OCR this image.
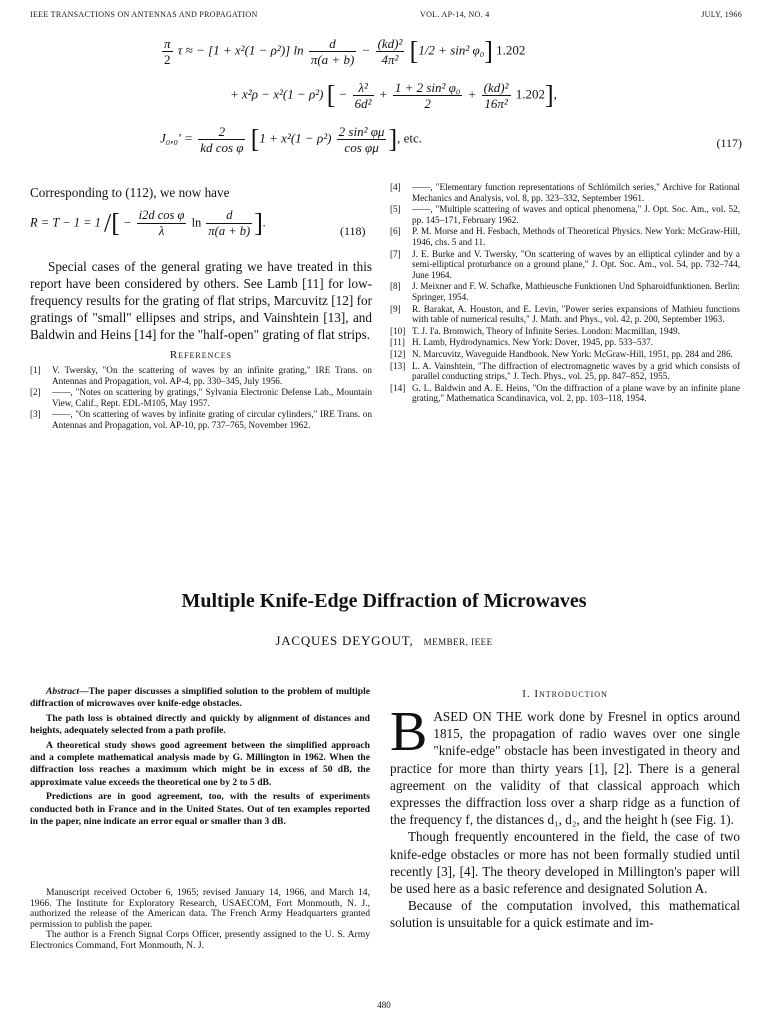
IEEE TRANSACTIONS ON ANTENNAS AND PROPAGATION	VOL. AP-14, NO. 4	JULY, 1966
$\frac{\pi}{2}$ τ ≈ − [1 + x²(1 − ρ²)] $\ln \frac{d}{\pi(a + b)} - \frac{\text{(kd)²}}{\text{4π²}} [1/2 + \sin^2$ φ₀] 1.202
+ x²ρ − x²(1 − ρ²) [ − $\frac{\text{λ²}}{\text{6d²}} + \frac{\text{1 + 2 sin² φ₀}}{2} + \frac{\text{(kd)²}}{\text{16π²}} 1.202$],
$J_0,_0' = \frac{2}{\text{kd cos φ}} [1 + x^2(1 - \rho^2) \frac{\text{2 sin² φμ}}{\text{cos φμ}}$ ], etc.	(117)

Corresponding to (112), we now have

R = T − 1 = 1 /[ − $\frac{\text{i2d cos φ}}{\lambda}$ $\ln \frac{d}{\pi(a + b)}$ ].
(118)

Special cases of the general grating we have treated in this report have been considered by others. See Lamb [11] for low-frequency results for the grating of flat strips, Marcuvitz [12] for gratings of "small" ellipses and strips, and Vainshtein [13], and Baldwin and Heins [14] for the "half-open" grating of flat strips.

References
[1]	V. Twersky, "On the scattering of waves by an infinite grating," IRE Trans. on Antennas and Propagation, vol. AP-4, pp. 330–345, July 1956.
[2]	——, "Notes on scattering by gratings," Sylvania Electronic Defense Lab., Mountain View, Calif., Rept. EDL-M105, May 1957.
[3]	——, "On scattering of waves by infinite grating of circular cylinders," IRE Trans. on Antennas and Propagation, vol. AP-10, pp. 737–765, November 1962.
[4]	——, "Elementary function representations of Schlömilch series," Archive for Rational Mechanics and Analysis, vol. 8, pp. 323–332, September 1961.
[5]	——, "Multiple scattering of waves and optical phenomena," J. Opt. Soc. Am., vol. 52, pp. 145–171, February 1962.
[6]	P. M. Morse and H. Fesbach, Methods of Theoretical Physics. New York: McGraw-Hill, 1946, chs. 5 and 11.
[7]	J. E. Burke and V. Twersky, "On scattering of waves by an elliptical cylinder and by a semi-elliptical proturbance on a ground plane," J. Opt. Soc. Am., vol. 54, pp. 732–744, June 1964.
[8]	J. Meixner and F. W. Schafke, Mathieusche Funktionen Und Spharoidfunktionen. Berlin: Springer, 1954.
[9]	R. Barakat, A. Houston, and E. Levin, "Power series expansions of Mathieu functions with table of numerical results," J. Math. and Phys., vol. 42, p. 200, September 1963.
[10] T. J. I'a. Bromwich, Theory of Infinite Series. London: Macmillan, 1949.
[11] H. Lamb, Hydrodynamics. New York: Dover, 1945, pp. 533–537.
[12] N. Marcuvitz, Waveguide Handbook. New York: McGraw-Hill, 1951, pp. 284 and 286.
[13] L. A. Vainshtein, "The diffraction of electromagnetic waves by a grid which consists of parallel conducting strips," J. Tech. Phys., vol. 25, pp. 847–852, 1955.
[14] G. L. Baldwin and A. E. Heins, "On the diffraction of a plane wave by an infinite plane grating," Mathematica Scandinavica, vol. 2, pp. 103–118, 1954.
Multiple Knife-Edge Diffraction of Microwaves
JACQUES DEYGOUT, MEMBER, IEEE

Abstract—The paper discusses a simplified solution to the problem of multiple diffraction of microwaves over knife-edge obstacles.

The path loss is obtained directly and quickly by alignment of distances and heights, adequately selected from a path profile.

A theoretical study shows good agreement between the simplified approach and a complete mathematical analysis made by G. Millington in 1962. When the diffraction loss reaches a maximum which might be in excess of 50 dB, the approximate value exceeds the theoretical one by 2 to 5 dB.

Predictions are in good agreement, too, with the results of experiments conducted both in France and in the United States. Out of ten examples reported in the paper, nine indicate an error equal or smaller than 3 dB.

Manuscript received October 6, 1965; revised January 14, 1966, and March 14, 1966. The Institute for Exploratory Research, USAECOM, Fort Monmouth, N. J., authorized the release of the American data. The French Army Headquarters granted permission to publish the paper.

The author is a French Signal Corps Officer, presently assigned to the U. S. Army Electronics Command, Fort Monmouth, N. J.

I. Introduction

BASED ON THE work done by Fresnel in optics around 1815, the propagation of radio waves over one single "knife-edge" obstacle has been investigated in theory and practice for more than thirty years [1], [2]. There is a general agreement on the validity of that classical approach which expresses the diffraction loss over a sharp ridge as a function of the frequency f, the distances d₁, d₂, and the height h (see Fig. 1).

Though frequently encountered in the field, the case of two knife-edge obstacles or more has not been formally studied until recently [3], [4]. The theory developed in Millington's paper will be used here as a basic reference and designated Solution A.

Because of the computation involved, this mathematical solution is unsuitable for a quick estimate and im-

480
